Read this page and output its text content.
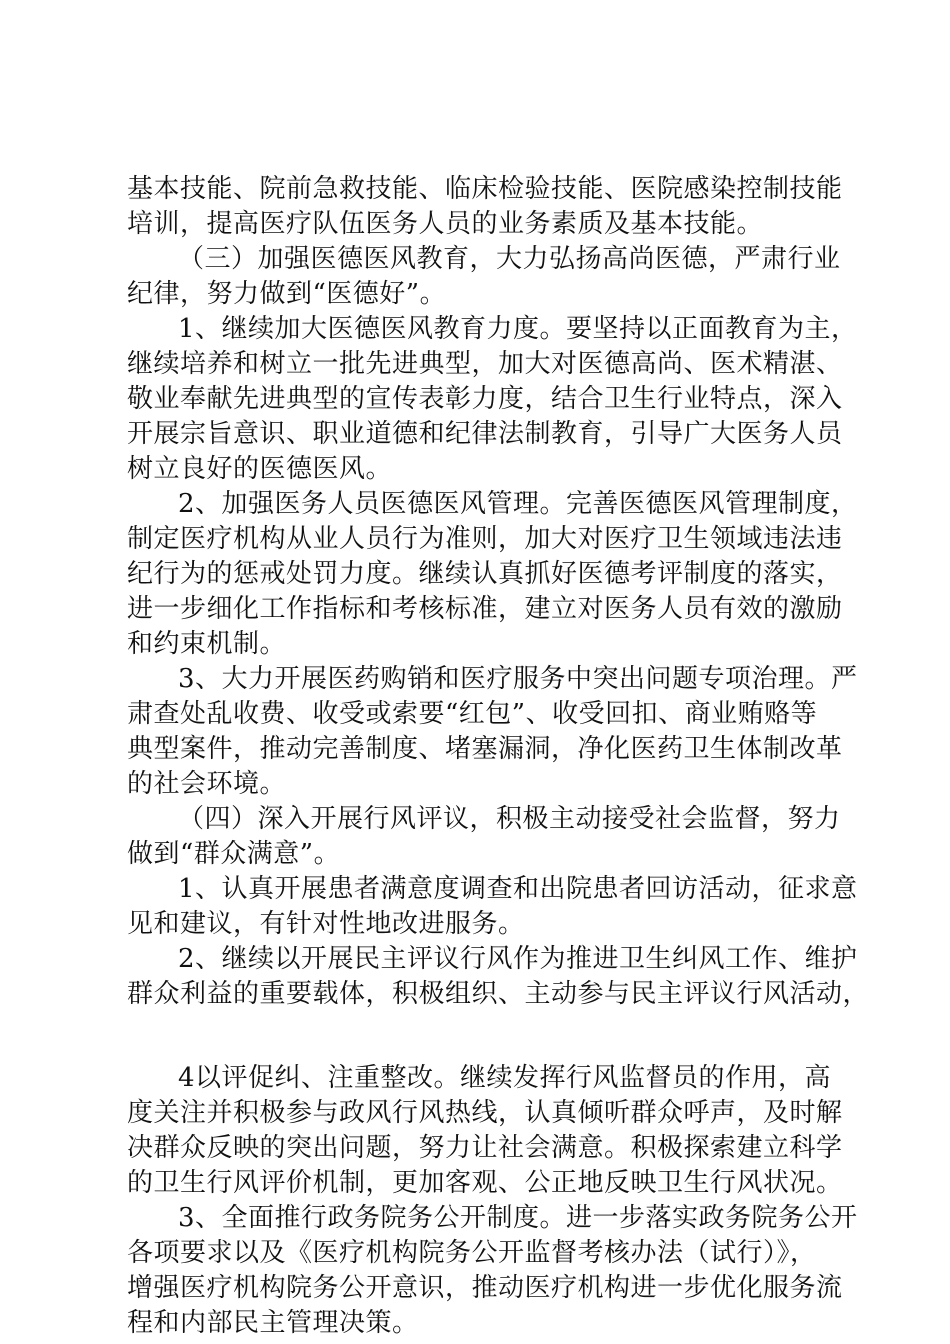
基本技能、院前急救技能、临床检验技能、医院感染控制技能
培训，提高医疗队伍医务人员的业务素质及基本技能。
（三）加强医德医风教育，大力弘扬高尚医德，严肃行业
纪律，努力做到“医德好”。
1、继续加大医德医风教育力度。要坚持以正面教育为主，
继续培养和树立一批先进典型，加大对医德高尚、医术精湛、
敬业奉献先进典型的宣传表彰力度，结合卫生行业特点，深入
开展宗旨意识、职业道德和纪律法制教育，引导广大医务人员
树立良好的医德医风。
2、加强医务人员医德医风管理。完善医德医风管理制度，
制定医疗机构从业人员行为准则，加大对医疗卫生领域违法违
纪行为的惩戒处罚力度。继续认真抓好医德考评制度的落实，
进一步细化工作指标和考核标准，建立对医务人员有效的激励
和约束机制。
3、大力开展医药购销和医疗服务中突出问题专项治理。严
肃查处乱收费、收受或索要“红包”、收受回扣、商业贿赂等
典型案件，推动完善制度、堵塞漏洞，净化医药卫生体制改革
的社会环境。
（四）深入开展行风评议，积极主动接受社会监督，努力
做到“群众满意”。
1、认真开展患者满意度调查和出院患者回访活动，征求意
见和建议，有针对性地改进服务。
2、继续以开展民主评议行风作为推进卫生纠风工作、维护
群众利益的重要载体，积极组织、主动参与民主评议行风活动，
4以评促纠、注重整改。继续发挥行风监督员的作用，高
度关注并积极参与政风行风热线，认真倾听群众呼声，及时解
决群众反映的突出问题，努力让社会满意。积极探索建立科学
的卫生行风评价机制，更加客观、公正地反映卫生行风状况。
3、全面推行政务院务公开制度。进一步落实政务院务公开
各项要求以及《医疗机构院务公开监督考核办法（试行）》，
增强医疗机构院务公开意识，推动医疗机构进一步优化服务流
程和内部民主管理决策。
